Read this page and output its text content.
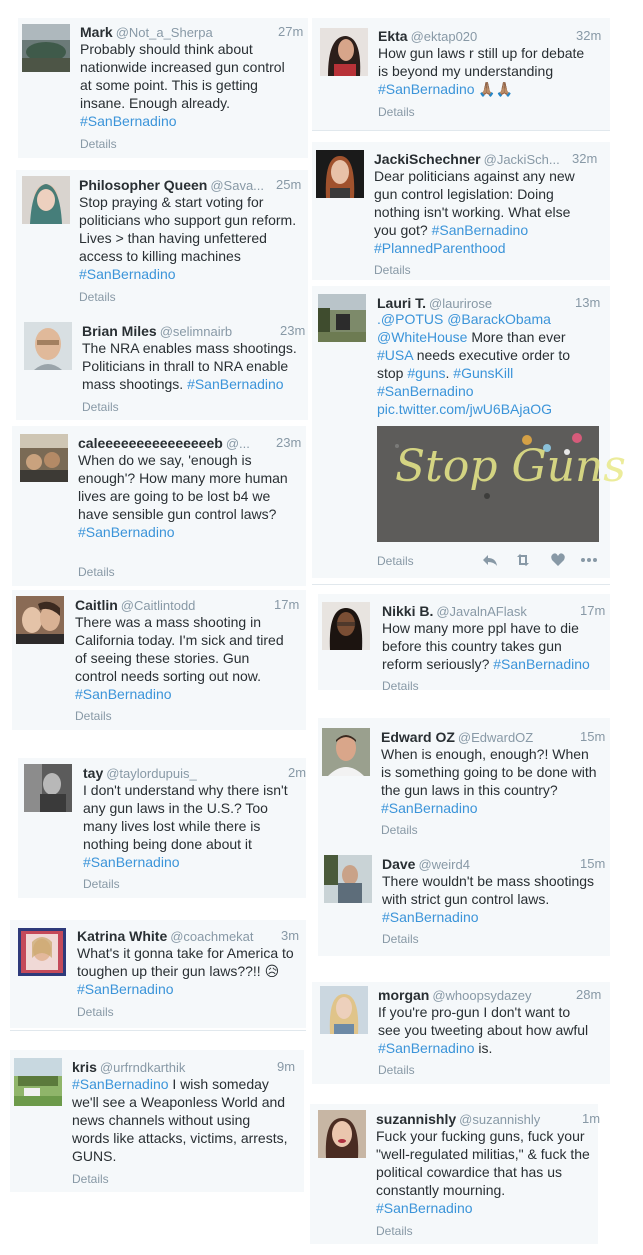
Mark @Not_a_Sherpa	27m

Probably should think about

nationwide increased gun control

at some point. This is getting

insane. Enough already.

#SanBernadino

Details
Philosopher Queen @Sava... 25m

Stop praying & start voting for

politicians who support gun reform.

Lives > than having unfettered

access to killing machines

#SanBernadino

Details
Brian Miles @selimnairb	23m

The NRA enables mass shootings.

Politicians in thrall to NRA enable

mass shootings. #SanBernadino

Details
caleeeeeeeeeeeeeeeb @... 23m

When do we say, 'enough is

enough'? How many more human

lives are going to be lost b4 we

have sensible gun control laws?

#SanBernadino

Details
Caitlin @Caitlintodd	17m

There was a mass shooting in

California today. I'm sick and tired

of seeing these stories. Gun

control needs sorting out now.

#SanBernadino

Details
tay @taylordupuis_	2m

I don't understand why there isn't

any gun laws in the U.S.? Too

many lives lost while there is

nothing being done about it

#SanBernadino

Details
Katrina White @coachmekat 3m

What's it gonna take for America to

toughen up their gun laws??!! 😥

#SanBernadino

Details
kris @urfrndkarthik	9m

#SanBernadino I wish someday

we'll see a Weaponless World and

news channels without using

words like attacks, victims, arrests,

GUNS.

Details
Ekta @ektap020	32m

How gun laws r still up for debate

is beyond my understanding

#SanBernadino 🙏🏽🙏🏽

Details
JackiSchechner @JackiSch... 32m

Dear politicians against any new

gun control legislation: Doing

nothing isn't working. What else

you got? #SanBernadino

#PlannedParenthood

Details
Lauri T. @laurirose	13m

.@POTUS @BarackObama

@WhiteHouse More than ever

#USA needs executive order to

stop #guns. #GunsKill

#SanBernadino

pic.twitter.com/jwU6BAjaOG

Stop Guns
Details
Nikki B. @JavalnAFlask	17m

How many more ppl have to die

before this country takes gun

reform seriously? #SanBernadino

Details
Edward OZ @EdwardOZ	15m

When is enough, enough?! When

is something going to be done with

the gun laws in this country?

#SanBernadino

Details
Dave @weird4	15m

There wouldn't be mass shootings

with strict gun control laws.

#SanBernadino

Details
morgan @whoopsydazey	28m

If you're pro-gun I don't want to

see you tweeting about how awful

#SanBernadino is.

Details
suzannishly @suzannishly	1m

Fuck your fucking guns, fuck your

"well-regulated militias," & fuck the

political cowardice that has us

constantly mourning.

#SanBernadino

Details
